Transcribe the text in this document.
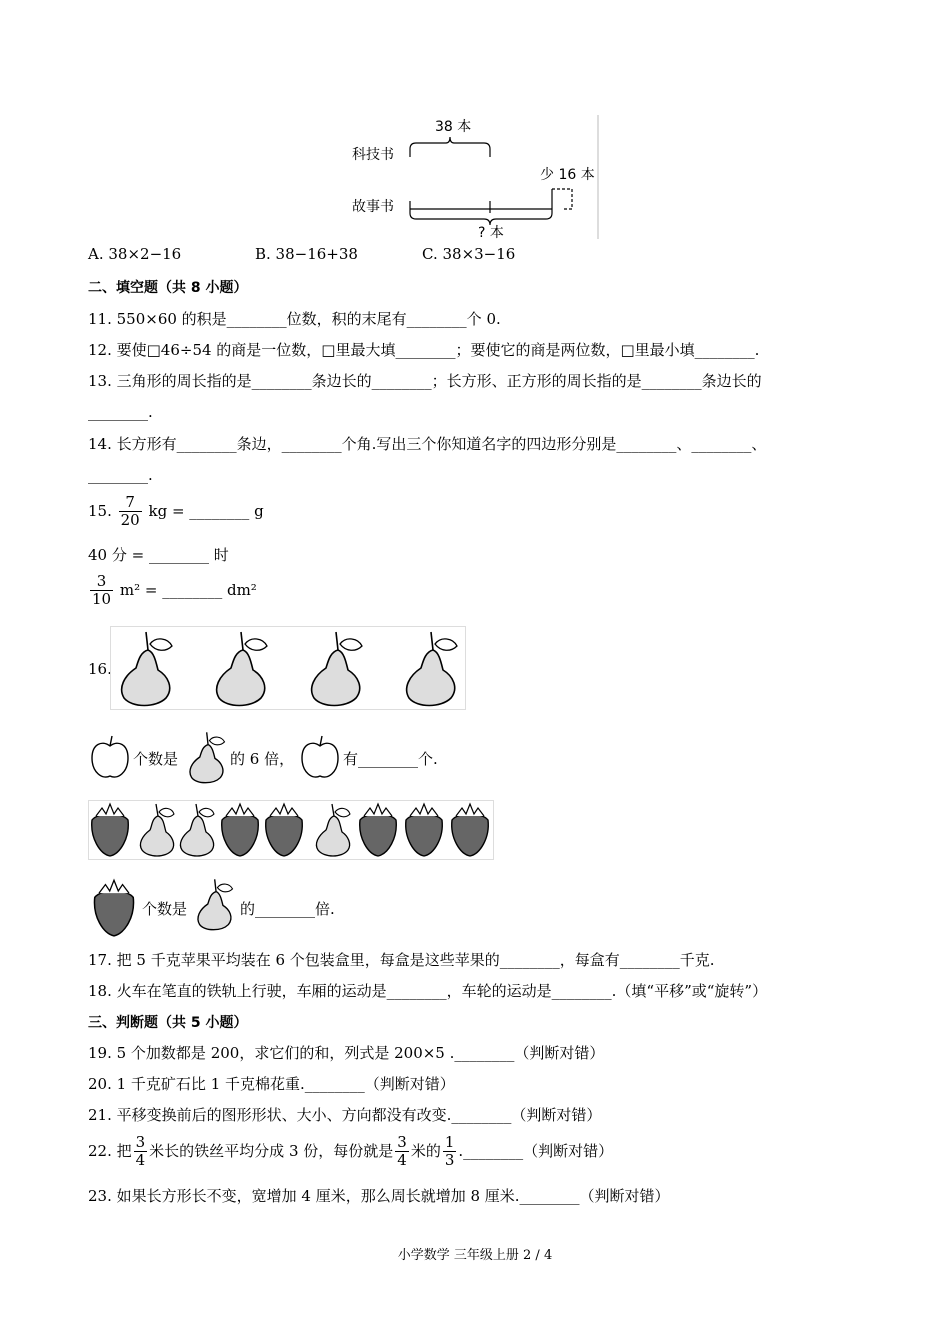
38 本
科技书
少 16 本
故事书
? 本
A. 38×2−16	B. 38−16+38	C. 38×3−16
二、填空题（共 8 小题）
11. 550×60 的积是________位数，积的末尾有________个 0.
12. 要使□46÷54 的商是一位数，□里最大填________；要使它的商是两位数，□里最小填________.
13. 三角形的周长指的是________条边长的________；长方形、正方形的周长指的是________条边长的
________.
14. 长方形有________条边，________个角.写出三个你知道名字的四边形分别是________、________、
________.
15. $\frac{7}{20}$ kg = ________ g
40 分 = ________ 时
$\frac{3}{10} m^2$ = ________ dm²
16.
个数是	的 6 倍，	有________个.
个数是	的________倍.
17. 把 5 千克苹果平均装在 6 个包装盒里，每盒是这些苹果的________，每盒有________千克.
18. 火车在笔直的铁轨上行驶，车厢的运动是________，车轮的运动是________.（填“平移”或“旋转”）
三、判断题（共 5 小题）
19. 5 个加数都是 200，求它们的和，列式是 200×5 .________（判断对错）
20. 1 千克矿石比 1 千克棉花重.________（判断对错）
21. 平移变换前后的图形形状、大小、方向都没有改变.________（判断对错）
22. 把 $\frac{3}{4}$ 米长的铁丝平均分成 3 份，每份就是 $\frac{3}{4}$ 米的 $\frac{1}{3}$ .________（判断对错）
23. 如果长方形长不变，宽增加 4 厘米，那么周长就增加 8 厘米.________（判断对错）
小学数学 三年级上册 2 / 4
